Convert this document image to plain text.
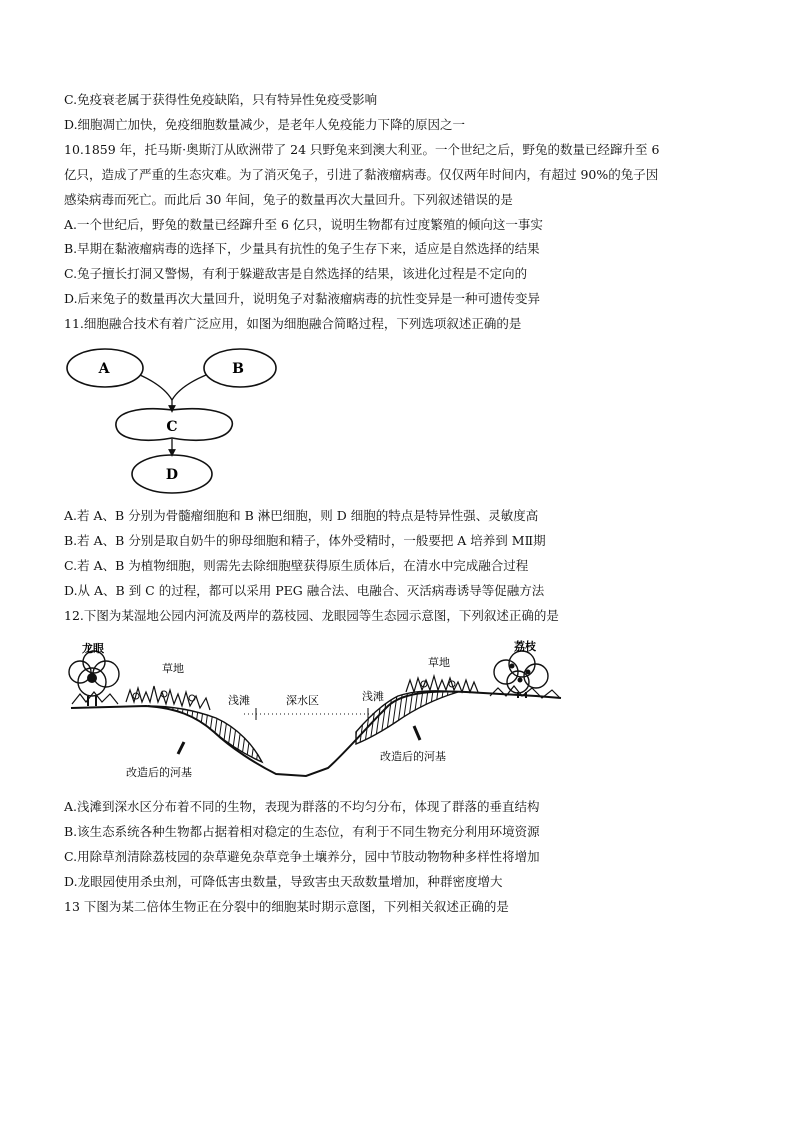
C.免疫衰老属于获得性免疫缺陷，只有特异性免疫受影响
D.细胞凋亡加快，免疫细胞数量减少，是老年人免疫能力下降的原因之一
10.1859 年，托马斯·奥斯汀从欧洲带了 24 只野兔来到澳大利亚。一个世纪之后，野兔的数量已经蹿升至 6
亿只，造成了严重的生态灾难。为了消灭兔子，引进了黏液瘤病毒。仅仅两年时间内，有超过 90%的兔子因
感染病毒而死亡。而此后 30 年间，兔子的数量再次大量回升。下列叙述错误的是
A.一个世纪后，野兔的数量已经蹿升至 6 亿只，说明生物都有过度繁殖的倾向这一事实
B.早期在黏液瘤病毒的选择下，少量具有抗性的兔子生存下来，适应是自然选择的结果
C.兔子擅长打洞又警惕，有利于躲避敌害是自然选择的结果，该进化过程是不定向的
D.后来兔子的数量再次大量回升，说明兔子对黏液瘤病毒的抗性变异是一种可遗传变异
11.细胞融合技术有着广泛应用，如图为细胞融合简略过程，下列选项叙述正确的是
A	B
C
D
A.若 A、B 分别为骨髓瘤细胞和 B 淋巴细胞，则 D 细胞的特点是特异性强、灵敏度高
B.若 A、B 分别是取自奶牛的卵母细胞和精子，体外受精时，一般要把 A 培养到 MⅡ期
C.若 A、B 为植物细胞，则需先去除细胞壁获得原生质体后，在清水中完成融合过程
D.从 A、B 到 C 的过程，都可以采用 PEG 融合法、电融合、灭活病毒诱导等促融方法
12.下图为某湿地公园内河流及两岸的荔枝园、龙眼园等生态园示意图，下列叙述正确的是
龙眼
草地
浅滩	深水区	浅滩
草地
荔枝
改造后的河基
改造后的河基
A.浅滩到深水区分布着不同的生物，表现为群落的不均匀分布，体现了群落的垂直结构
B.该生态系统各种生物都占据着相对稳定的生态位，有利于不同生物充分利用环境资源
C.用除草剂清除荔枝园的杂草避免杂草竞争土壤养分，园中节肢动物物种多样性将增加
D.龙眼园使用杀虫剂，可降低害虫数量，导致害虫天敌数量增加，种群密度增大
13 下图为某二倍体生物正在分裂中的细胞某时期示意图，下列相关叙述正确的是
